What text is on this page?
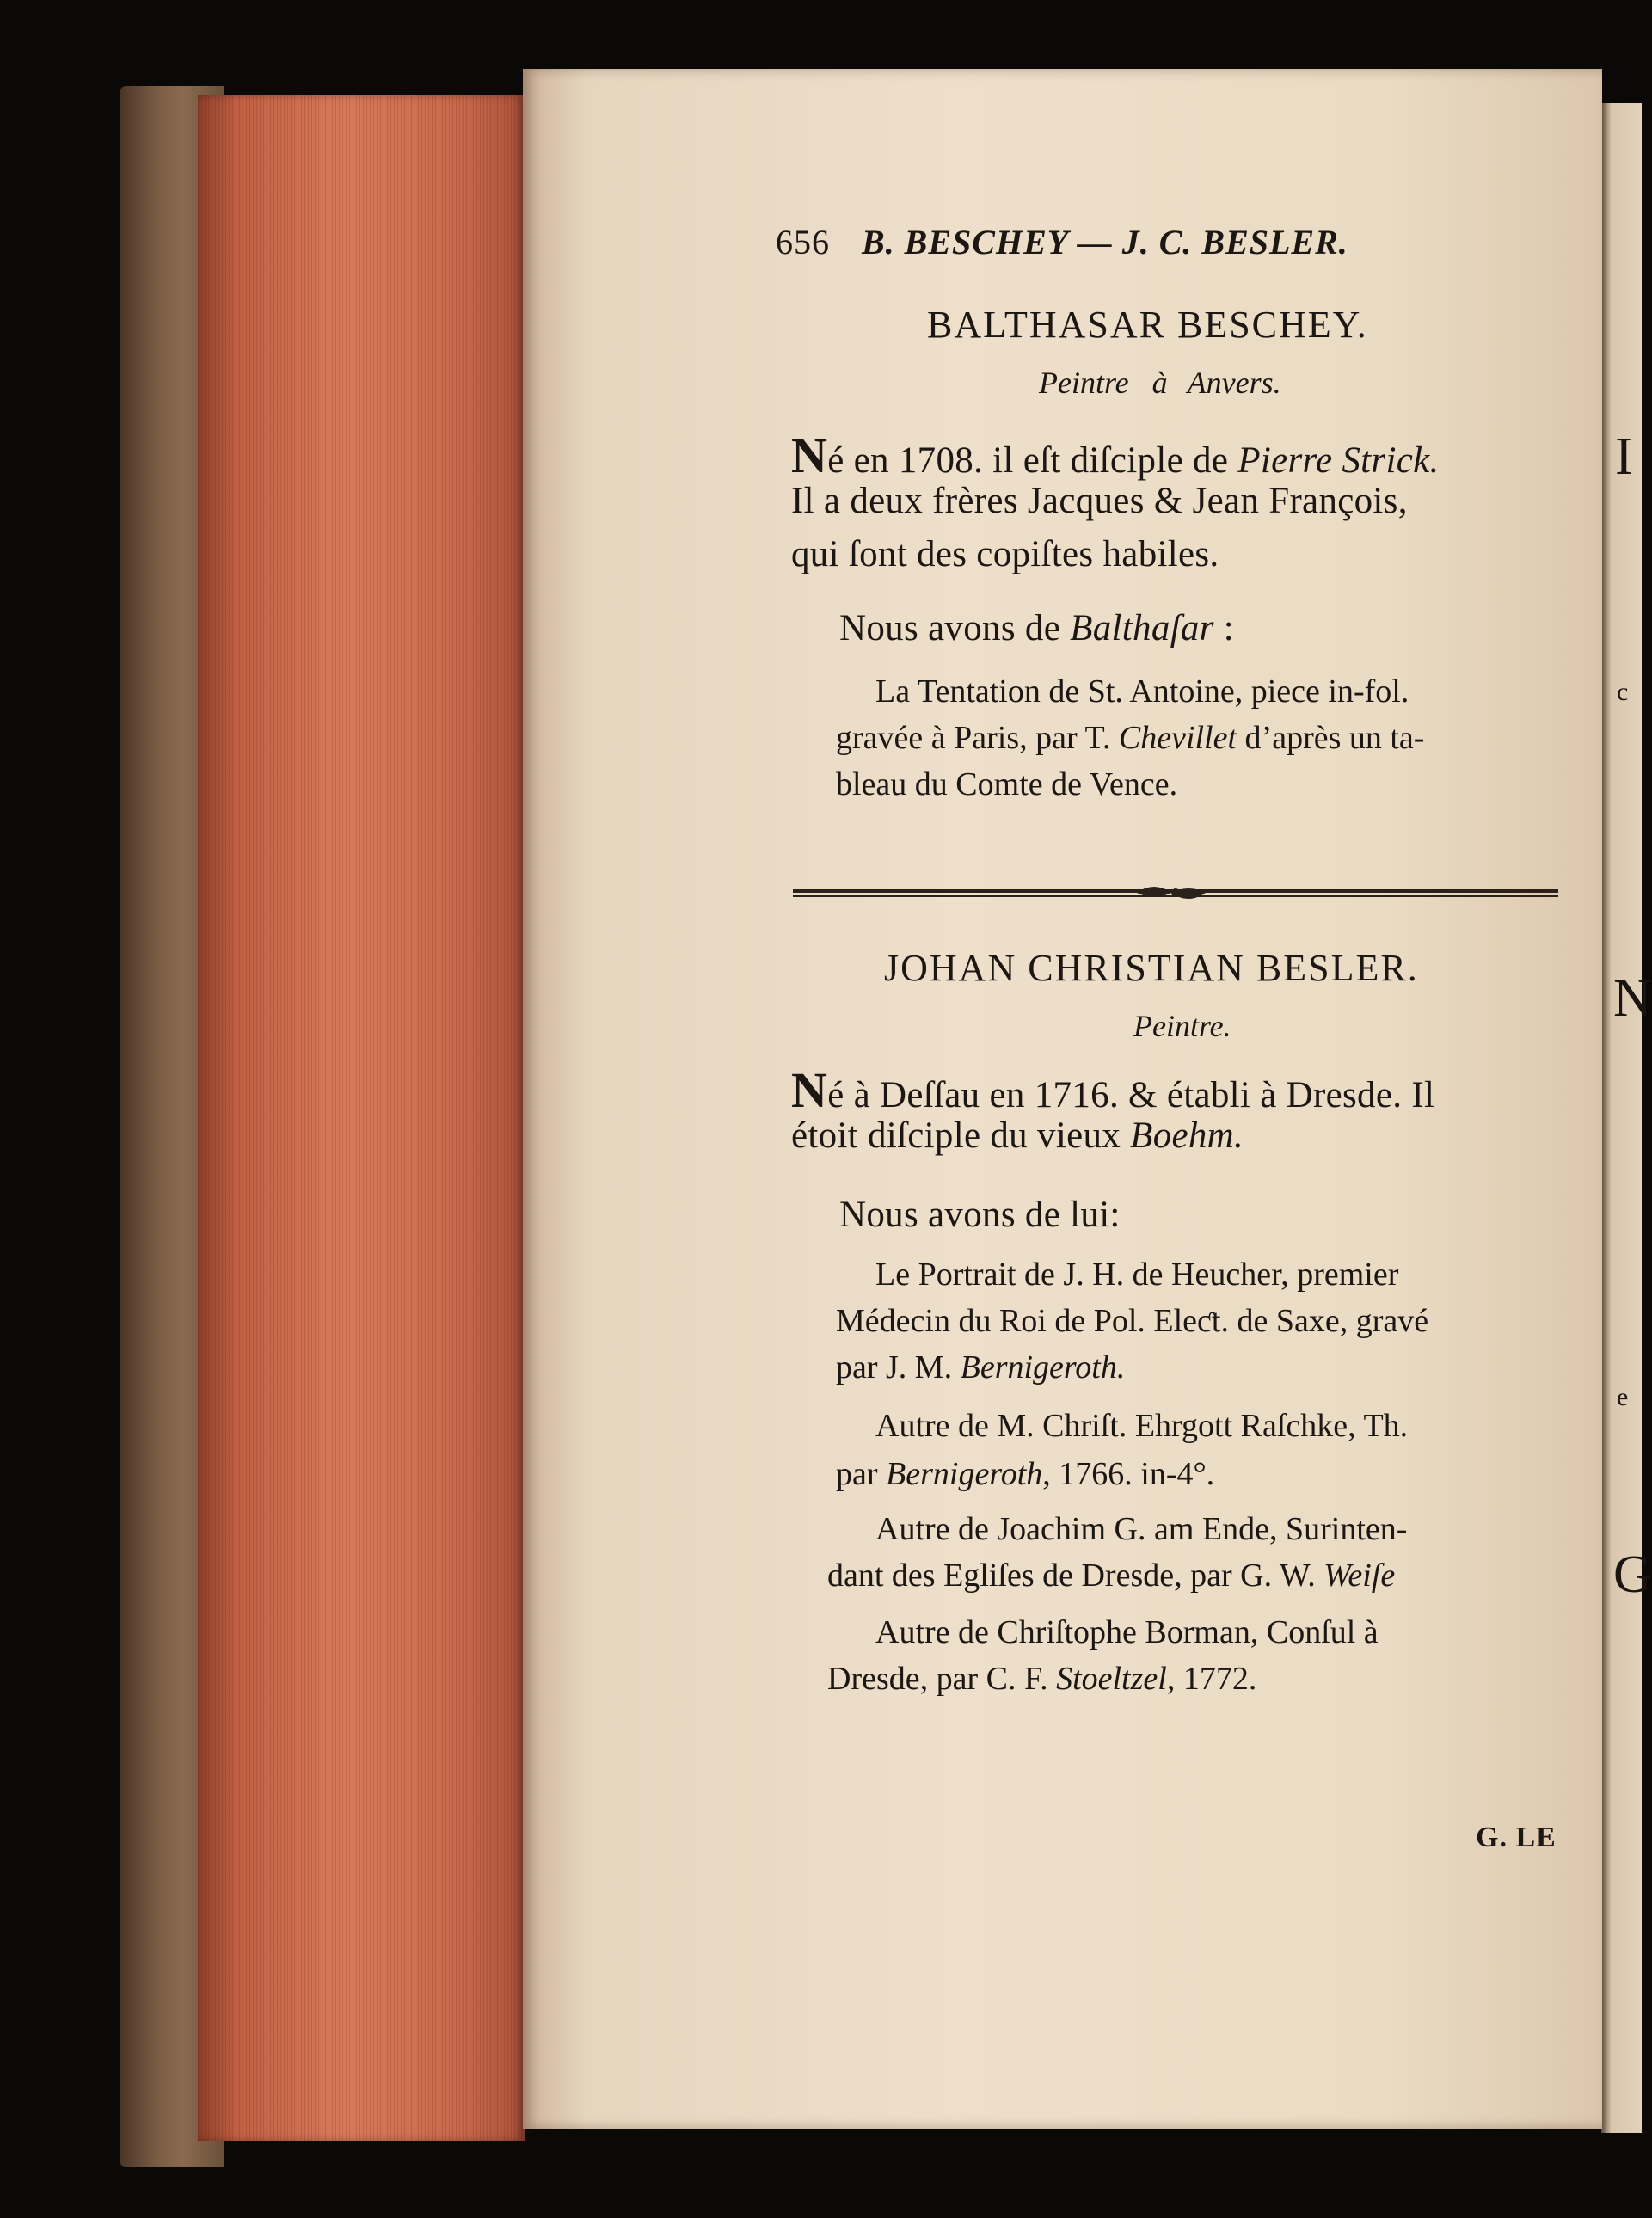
I
c
N
e
G
656 B. BESCHEY — J. C. BESLER.
BALTHASAR BESCHEY.
Peintre à Anvers.
Né en 1708. il eſt diſciple de Pierre Strick.
Il a deux frères Jacques & Jean François,
qui ſont des copiſtes habiles.
Nous avons de Balthaſar :
La Tentation de St. Antoine, piece in-fol.
gravée à Paris, par T. Chevillet d’après un ta-
bleau du Comte de Vence.
JOHAN CHRISTIAN BESLER.
Peintre.
Né à Deſſau en 1716. & établi à Dresde. Il
étoit diſciple du vieux Boehm.
Nous avons de lui:
Le Portrait de J. H. de Heucher, premier
Médecin du Roi de Pol. Eleƈt. de Saxe, gravé
par J. M. Bernigeroth.
Autre de M. Chriſt. Ehrgott Raſchke, Th.
par Bernigeroth, 1766. in-4°.
Autre de Joachim G. am Ende, Surinten-
dant des Egliſes de Dresde, par G. W. Weiſe
Autre de Chriſtophe Borman, Conſul à
Dresde, par C. F. Stoeltzel, 1772.
G. LE
